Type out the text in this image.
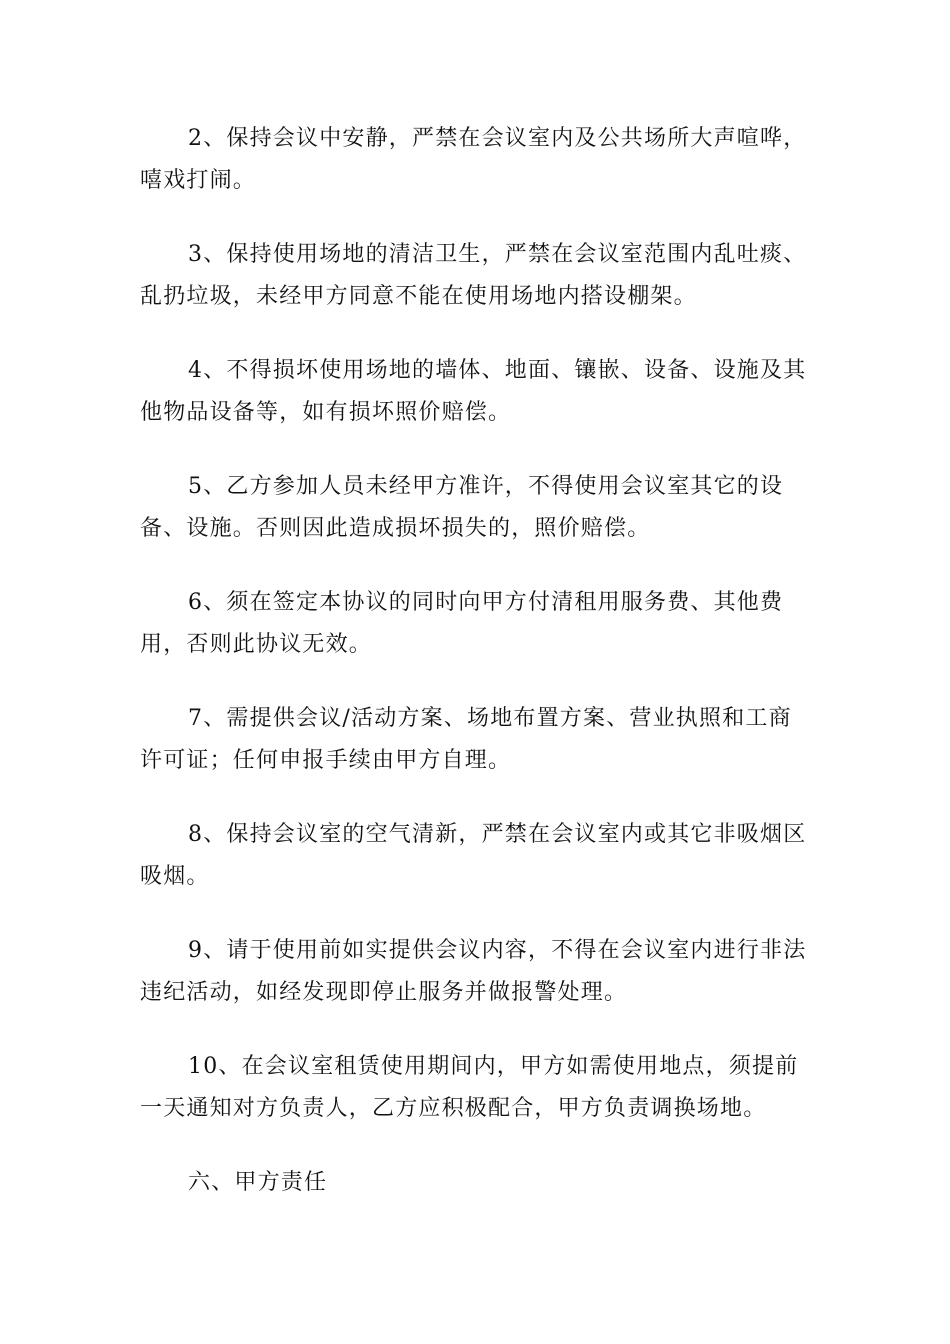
2、保持会议中安静，严禁在会议室内及公共场所大声喧哗，嘻戏打闹。

3、保持使用场地的清洁卫生，严禁在会议室范围内乱吐痰、乱扔垃圾，未经甲方同意不能在使用场地内搭设棚架。

4、不得损坏使用场地的墙体、地面、镶嵌、设备、设施及其他物品设备等，如有损坏照价赔偿。

5、乙方参加人员未经甲方准许，不得使用会议室其它的设备、设施。否则因此造成损坏损失的，照价赔偿。

6、须在签定本协议的同时向甲方付清租用服务费、其他费用，否则此协议无效。

7、需提供会议/活动方案、场地布置方案、营业执照和工商许可证；任何申报手续由甲方自理。

8、保持会议室的空气清新，严禁在会议室内或其它非吸烟区吸烟。

9、请于使用前如实提供会议内容，不得在会议室内进行非法违纪活动，如经发现即停止服务并做报警处理。

10、在会议室租赁使用期间内，甲方如需使用地点，须提前一天通知对方负责人，乙方应积极配合，甲方负责调换场地。

六、甲方责任
